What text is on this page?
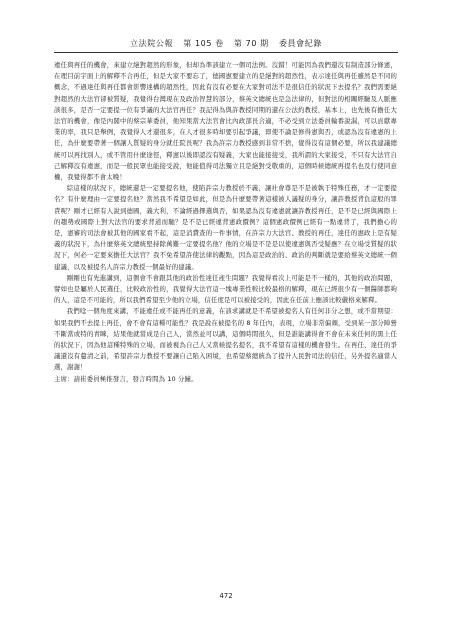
立法院公報 第 105 卷 第 70 期 委員會紀錄

違任與再任的機會，來建立絕對超然的形象，但却為準該建立一個司法例。沒錯！可能因為我們還沒有制造部分條憲，在理目前宇面上的解釋不合再任，但是大家不要忘了，德國憲要建立的是絕對的超然性，表示達任與再任雖然是不同的概念，不過達任與再任都會影響達構的超然性，因此有沒有必要在大家對司法不是很信任的狀況下去提名？我們需要絕對超然的大法官卻被質疑，我覺得台灣現在及政治智慧的部分，蔡英文總統也是急法律的，但對法的相關經驗及人脈應該很多，是否一定要提一位有爭議的大法官再任？我記得為與許教授同期的還在公法約教授，基本上，也先後有擔任大法官的機會，像是內閣中的蔡宗華委員，他知果當大法官會比內政部長合適，不必受到立法委員輪番說漏，可以貢獻專業的率，我只是舉例，我覺得人才還很多，在人才很多時却要引起爭議，即使不論是修得憲與否，或認為沒有違憲的上任，為什麼要帶著一個讓人質疑的身分就任院長呢？我為許宗力教授感到非常不捨，覺得沒有這個必要，所以我建議總統可以再找別人，或不管用什麼途徑，釋憲以後即認沒有疑義，大家也能接接受，我所謂的大家接受，不只有大法官自己解釋沒有違憲，而是一般民眾也能接受說，他能值得司法獨立且是絕對受敬重的，這個時候總統再提名也及行使同意權，我覺得都不會太晚！

綜這樣的狀況下，總統還是一定要提名他，使陷許宗力教授於不義，讓社會尊是不是被執于特殊任務，才一定要提名？有什麼理由一定要提名他？當然我不希望是如此，但是為什麼要帶著這樣被人議疑的身分，讓許教授背負這般的罪責呢？剛才已經有人說到德國，義大利，不論經過擇選與否，如果認為沒有違憲就讓許教授再任，是不是已經與國際上的趨勢或國際上對大法官的要求背道而馳？是不是已經違背憲政價例？這個憲政價例已經有一點違背了，我們擔心的是，憲審的司法會被其他的國家看不起，這是消費查的一件事情，在許宗力大法官、教授的再任，達任的憲政上是有疑義的狀況下，為什麼蔡英文總統堅持除萬難一定要提名他？他的立場是不是是以使違憲與否受疑應？在立場受質疑的狀況下，何必一定要來擔任大法官？我不免希望許使法律的觀點，因為這是政治的、政治的判斷就是要給蔡英文總統一個建議，以及被提名人許宗力教授一個最好的建議。

剛剛也有先進講到，這個會不會跟其他的政治性達任產生問題？我覺得看次上可能是不一樣的，其他的政治問題，譬如也是屬於人民選任，比較政治性的，我覺得大法官這一塊專業性較比較最格的解釋，現在已經很少有一個醫師都夠的人，這是不可能的，所以我們希望至少他的立場，信任度是可以被接受的，因此在任前上應該比較嚴格來解釋。

我們唸一個角度來講，不能違任或不能再任的意義，在該求講就是不希望被提名人有任何非分之想，或不當期望：如果我們不去提上再任，會不會有這種可能性？我是說在被提名的 8 年任內，表現，立場非常偏頗，受到某一部分陣營不斷當或特的青睞，結果他就當成是自己人，當然並可以講，這個時間很久，但是誰能講得會不會在未來任何的黑上任的狀況下，因為他這種特殊的立場，而被視為自己人又當候提名提名，我不希望有這樣的機會發生。在再任、達任的爭議還沒有釐清之前，希望許宗力教授不要讓自己陷入困境，也希望蔡總統為了提升人民對司法的信任，另外提名適當人選，謝謝！

主席：請崔委員極推發言，發言時間為 10 分鐘。

472
